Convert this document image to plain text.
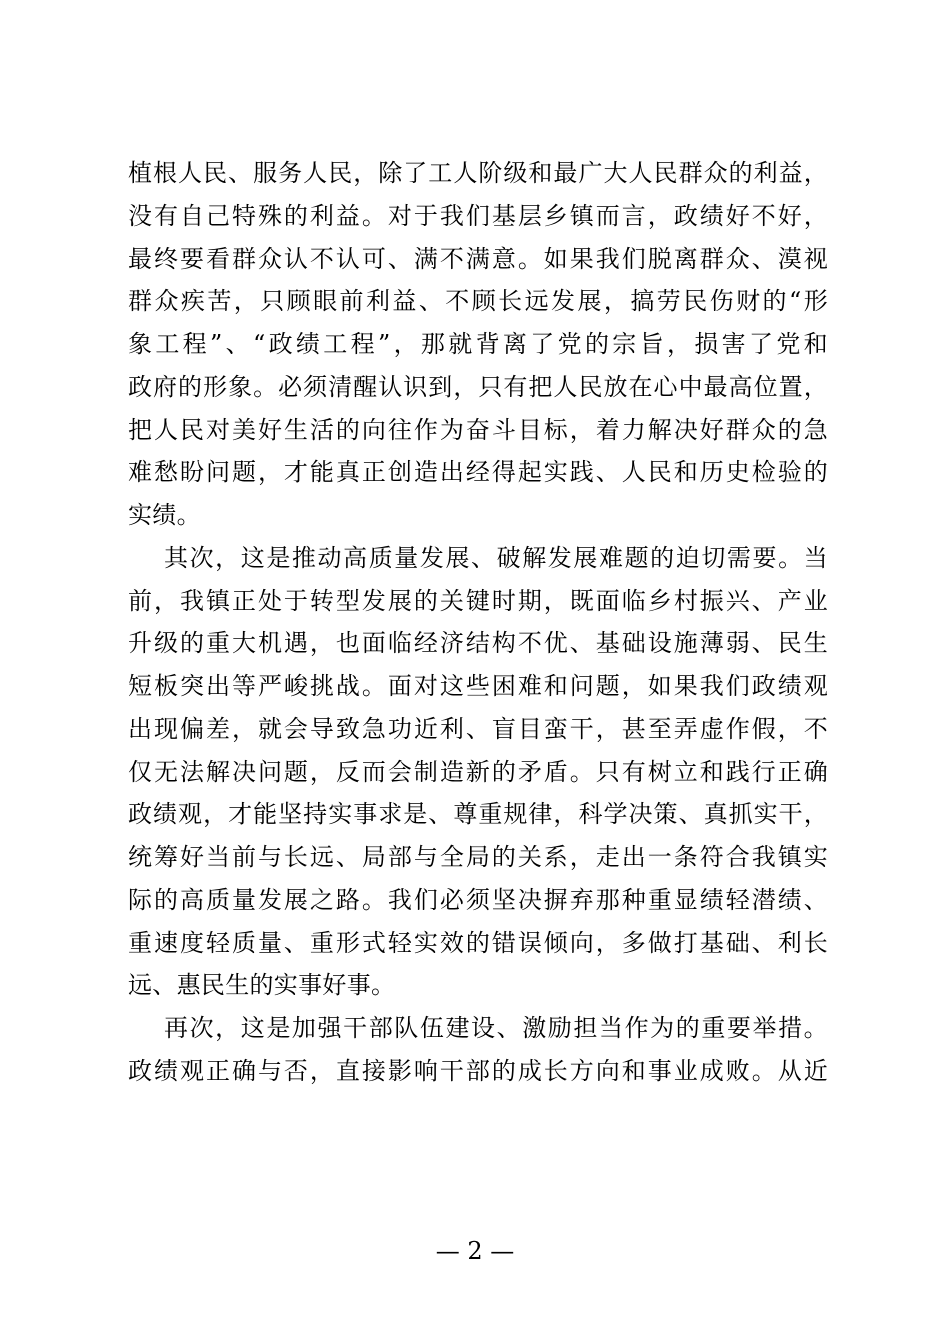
植根人民、服务人民，除了工人阶级和最广大人民群众的利益，
没有自己特殊的利益。对于我们基层乡镇而言，政绩好不好，
最终要看群众认不认可、满不满意。如果我们脱离群众、漠视
群众疾苦，只顾眼前利益、不顾长远发展，搞劳民伤财的“形
象工程”、“政绩工程”，那就背离了党的宗旨，损害了党和
政府的形象。必须清醒认识到，只有把人民放在心中最高位置，
把人民对美好生活的向往作为奋斗目标，着力解决好群众的急
难愁盼问题，才能真正创造出经得起实践、人民和历史检验的
实绩。
其次，这是推动高质量发展、破解发展难题的迫切需要。当
前，我镇正处于转型发展的关键时期，既面临乡村振兴、产业
升级的重大机遇，也面临经济结构不优、基础设施薄弱、民生
短板突出等严峻挑战。面对这些困难和问题，如果我们政绩观
出现偏差，就会导致急功近利、盲目蛮干，甚至弄虚作假，不
仅无法解决问题，反而会制造新的矛盾。只有树立和践行正确
政绩观，才能坚持实事求是、尊重规律，科学决策、真抓实干，
统筹好当前与长远、局部与全局的关系，走出一条符合我镇实
际的高质量发展之路。我们必须坚决摒弃那种重显绩轻潜绩、
重速度轻质量、重形式轻实效的错误倾向，多做打基础、利长
远、惠民生的实事好事。
再次，这是加强干部队伍建设、激励担当作为的重要举措。
政绩观正确与否，直接影响干部的成长方向和事业成败。从近
— 2 —
